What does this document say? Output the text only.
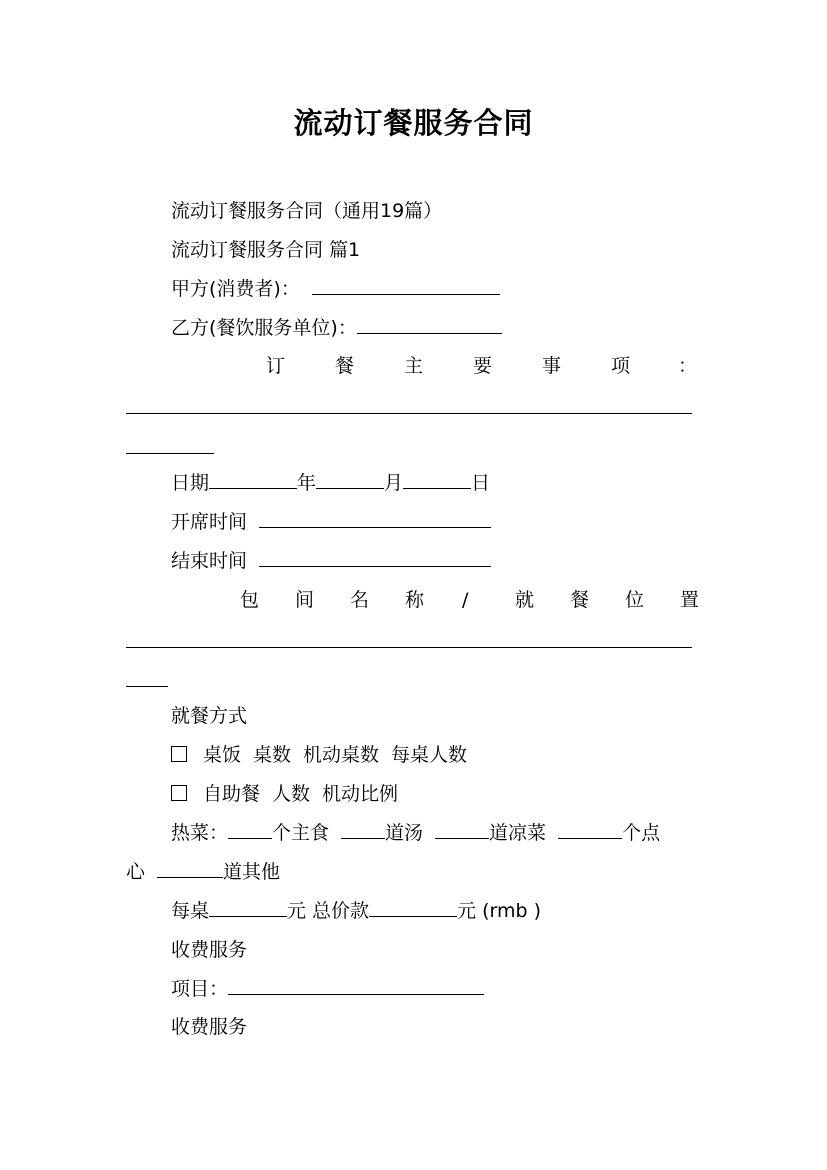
流动订餐服务合同
流动订餐服务合同（通用19篇）
流动订餐服务合同 篇1
甲方(消费者)：
乙方(餐饮服务单位)：
订	餐	主	要	事	项	：
日期	年	月	日
开席时间
结束时间
包 间 名 称 / 就 餐 位 置
就餐方式
桌饭 桌数 机动桌数 每桌人数
自助餐 人数 机动比例
热菜： 个主食	道汤	道凉菜	个点
心	道其他
每桌	元 总价款	元 (rmb )
收费服务
项目：
收费服务
